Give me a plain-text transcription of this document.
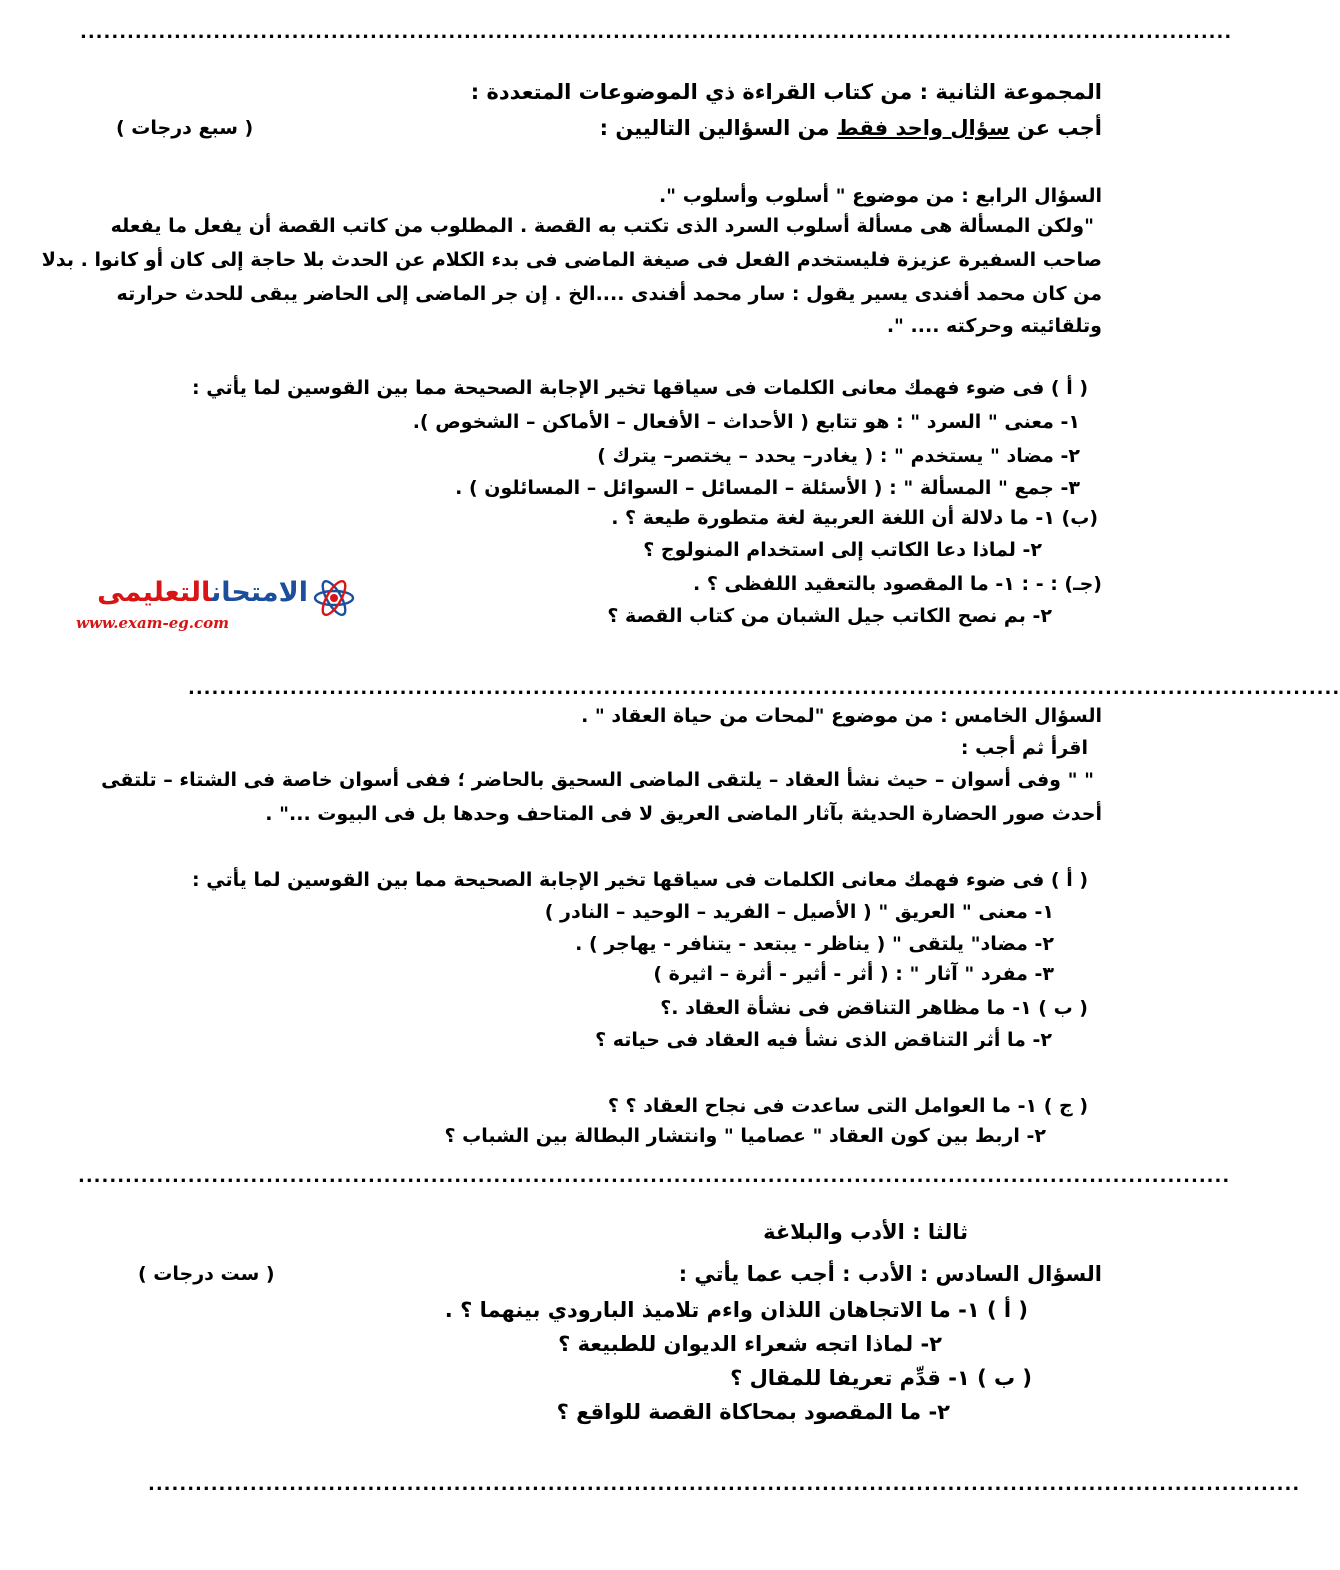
...................................................................................................................................................
المجموعة الثانية : من كتاب القراءة ذي الموضوعات المتعددة :
أجب عن سؤال واحد فقط من السؤالين التاليين :
( سبع درجات )
السؤال الرابع : من موضوع " أسلوب وأسلوب ".
"ولكن المسألة هى مسألة أسلوب السرد الذى تكتب به القصة . المطلوب من كاتب القصة أن يفعل ما يفعله
صاحب السفيرة عزيزة فليستخدم الفعل فى صيغة الماضى فى بدء الكلام عن الحدث بلا حاجة إلى كان أو كانوا . بدلا
من كان محمد أفندى يسير يقول : سار محمد أفندى ....الخ . إن جر الماضى إلى الحاضر يبقى للحدث حرارته
وتلقائيته وحركته .... ".
( أ ) فى ضوء فهمك معانى الكلمات فى سياقها تخير الإجابة الصحيحة مما بين القوسين لما يأتي :
١- معنى " السرد " : هو تتابع ( الأحداث – الأفعال – الأماكن – الشخوص ).
٢- مضاد " يستخدم " : ( يغادر– يحدد – يختصر– يترك )
٣- جمع " المسألة " : ( الأسئلة – المسائل – السوائل – المسائلون ) .
(ب) ١- ما دلالة أن اللغة العربية لغة متطورة طيعة ؟ .
٢- لماذا دعا الكاتب إلى استخدام المنولوج ؟
(جـ) : - : ١- ما المقصود بالتعقيد اللفظى ؟ .
٢- بم نصح الكاتب جيل الشبان من كتاب القصة ؟
الامتحانالتعليمى
www.exam-eg.com
...................................................................................................................................................
السؤال الخامس : من موضوع "لمحات من حياة العقاد " .
اقرأ ثم أجب :
" " وفى أسوان – حيث نشأ العقاد – يلتقى الماضى السحيق بالحاضر ؛ ففى أسوان خاصة فى الشتاء – تلتقى
أحدث صور الحضارة الحديثة بآثار الماضى العريق لا فى المتاحف وحدها بل فى البيوت ..." .
( أ ) فى ضوء فهمك معانى الكلمات فى سياقها تخير الإجابة الصحيحة مما بين القوسين لما يأتي :
١- معنى " العريق " ( الأصيل – الفريد – الوحيد – النادر )
٢- مضاد" يلتقى " ( يناظر - يبتعد - يتنافر - يهاجر ) .
٣- مفرد " آثار " : ( أثر - أثير - أثرة – اثيرة )
( ب ) ١- ما مظاهر التناقض فى نشأة العقاد .؟
٢- ما أثر التناقض الذى نشأ فيه العقاد فى حياته ؟
( ج ) ١- ما العوامل التى ساعدت فى نجاح العقاد ؟ ؟
٢- اربط بين كون العقاد " عصاميا " وانتشار البطالة بين الشباب ؟
...................................................................................................................................................
ثالثا : الأدب والبلاغة
السؤال السادس : الأدب : أجب عما يأتي :
( ست درجات )
( أ ) ١- ما الاتجاهان اللذان واءم تلاميذ البارودي بينهما ؟ .
٢- لماذا اتجه شعراء الديوان للطبيعة ؟
( ب ) ١- قدِّم تعريفا للمقال ؟
٢- ما المقصود بمحاكاة القصة للواقع ؟
...................................................................................................................................................
